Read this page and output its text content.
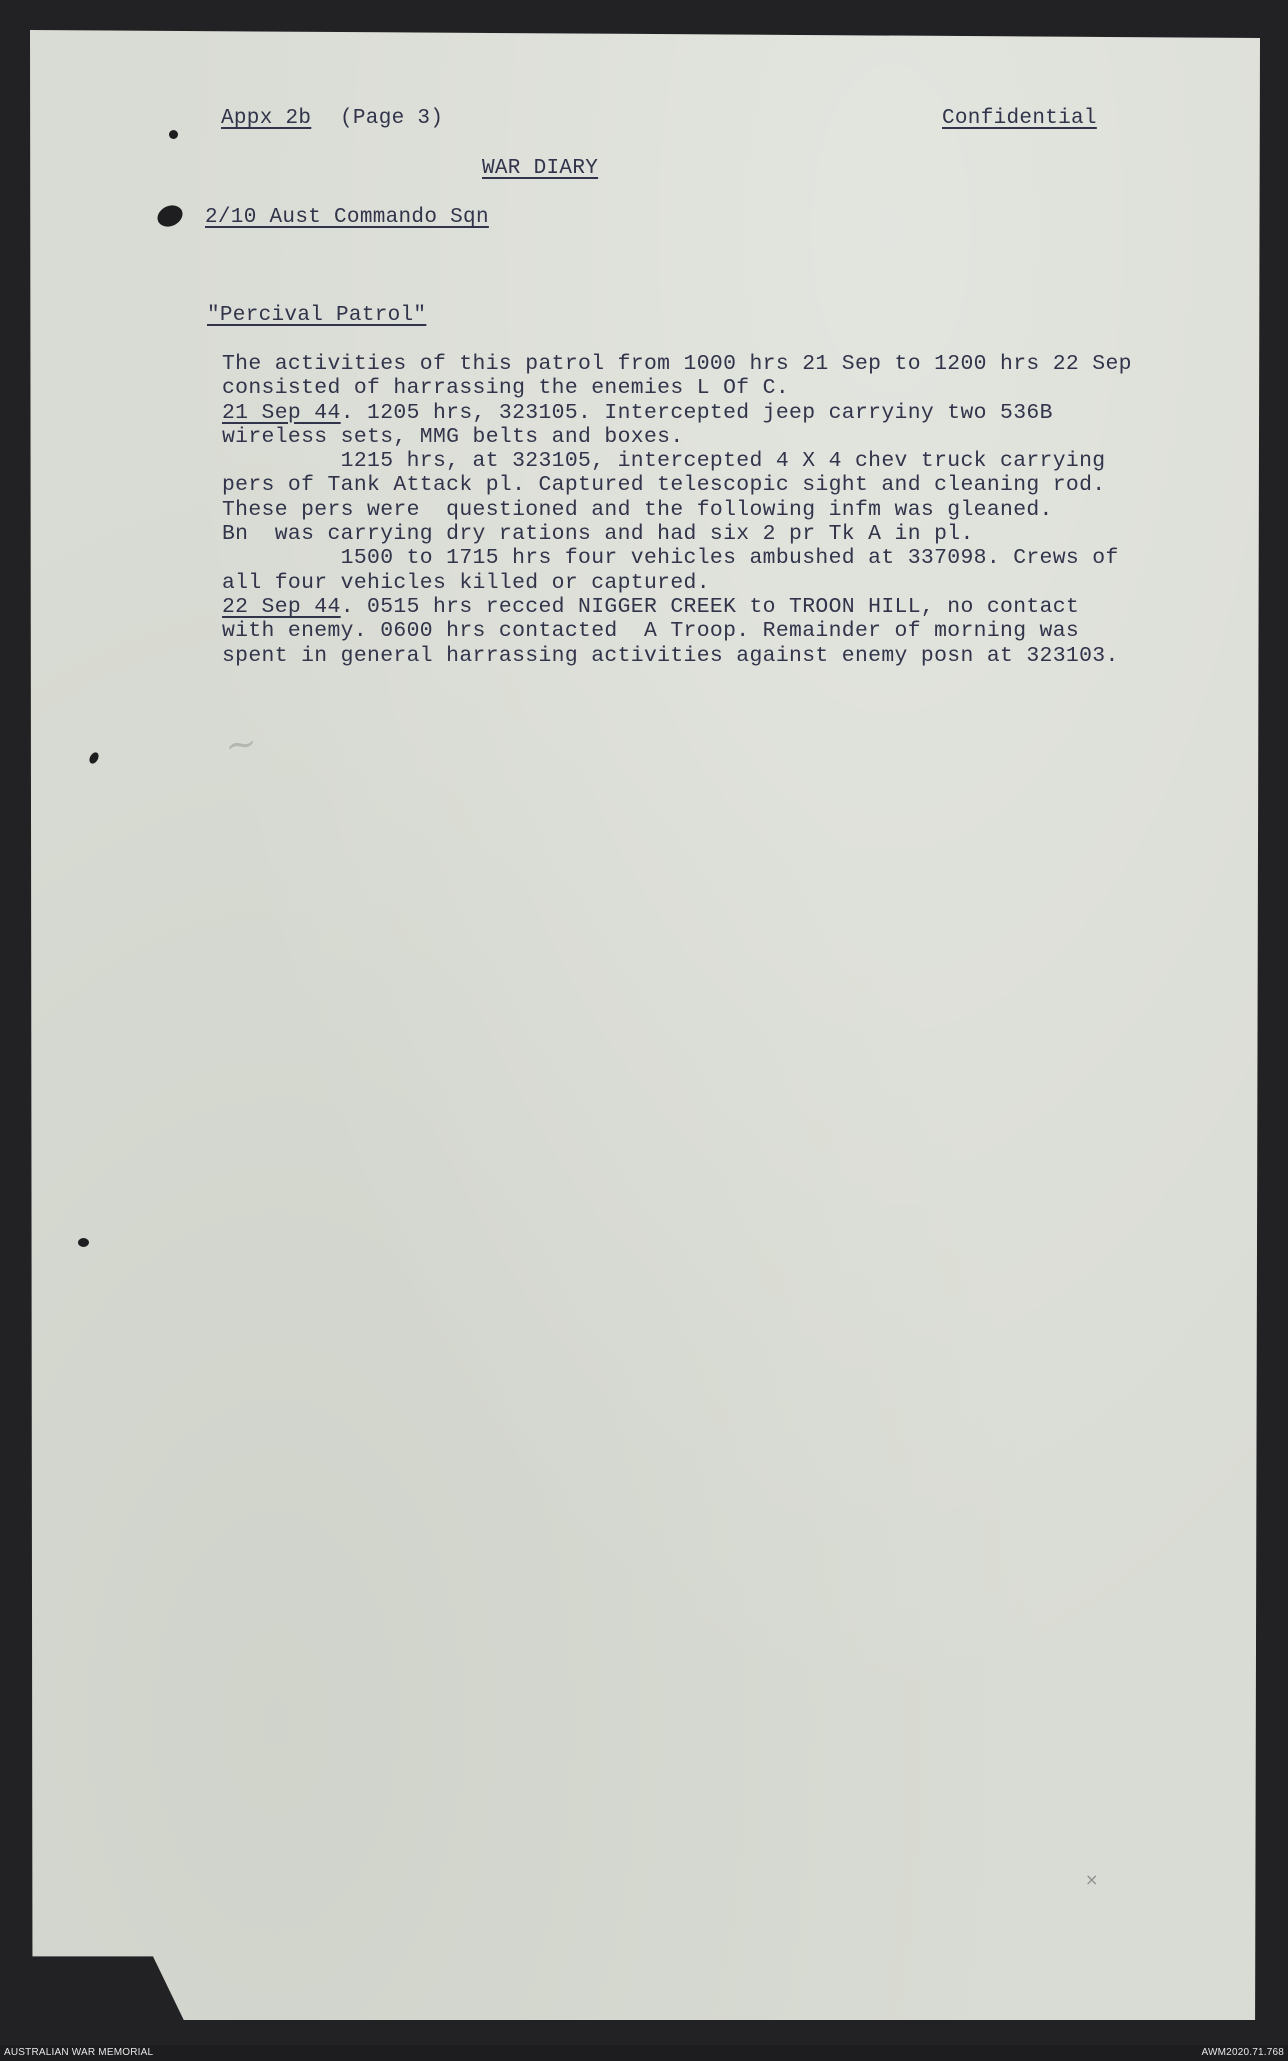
Appx 2b (Page 3)	Confidential
WAR DIARY
2/10 Aust Commando Sqn
"Percival Patrol"
The activities of this patrol from 1000 hrs 21 Sep to 1200 hrs 22 Sep
consisted of harrassing the enemies L Of C.
21 Sep 44. 1205 hrs, 323105. Intercepted jeep carryiny two 536B
wireless sets, MMG belts and boxes.
1215 hrs, at 323105, intercepted 4 X 4 chev truck carrying
pers of Tank Attack pl. Captured telescopic sight and cleaning rod.
These pers were  questioned and the following infm was gleaned.
Bn  was carrying dry rations and had six 2 pr Tk A in pl.
1500 to 1715 hrs four vehicles ambushed at 337098. Crews of
all four vehicles killed or captured.
22 Sep 44. 0515 hrs recced NIGGER CREEK to TROON HILL, no contact
with enemy. 0600 hrs contacted  A Troop. Remainder of morning was
spent in general harrassing activities against enemy posn at 323103.
~
×
AUSTRALIAN WAR MEMORIAL	AWM2020.71.768
